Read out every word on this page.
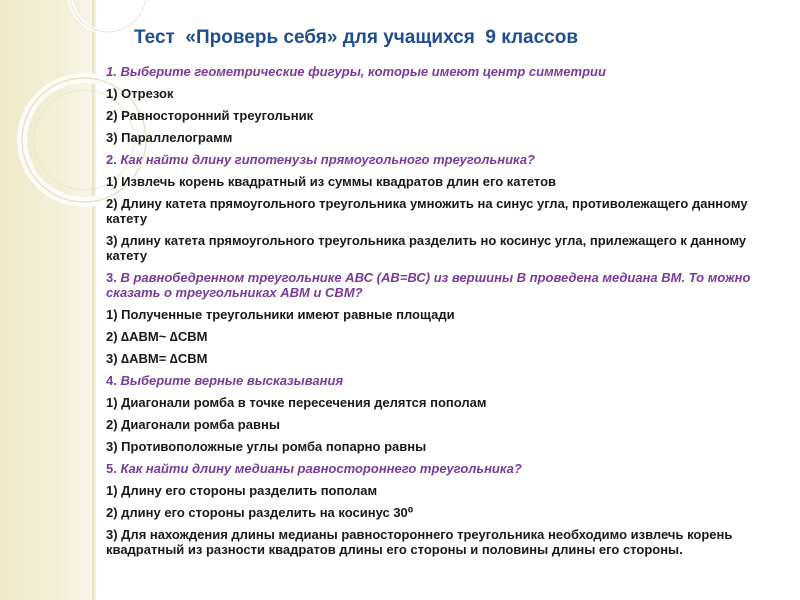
Тест  «Проверь себя» для учащихся  9 классов
1. Выберите геометрические фигуры, которые имеют центр симметрии
1) Отрезок
2) Равносторонний треугольник
3) Параллелограмм
2. Как найти длину гипотенузы прямоугольного треугольника?
1) Извлечь корень квадратный из суммы квадратов длин его катетов
2) Длину катета прямоугольного треугольника умножить на синус угла, противолежащего данному катету
3) длину катета прямоугольного треугольника разделить но косинус угла, прилежащего к данному катету
3. В равнобедренном треугольнике АВС (АВ=ВС) из вершины В проведена медиана ВМ. То можно сказать о треугольниках АВМ и СВМ?
1) Полученные треугольники имеют равные площади
2) ∆АВМ~ ∆СВМ
3) ∆АВМ= ∆СВМ
4. Выберите верные высказывания
1) Диагонали ромба в точке пересечения делятся пополам
2) Диагонали ромба равны
3) Противоположные углы ромба попарно равны
5. Как найти длину медианы равностороннего треугольника?
1) Длину его стороны разделить пополам
2) длину его стороны разделить на косинус 30⁰
3) Для нахождения длины медианы равностороннего треугольника необходимо извлечь корень квадратный из разности квадратов длины его стороны и половины длины его стороны.
